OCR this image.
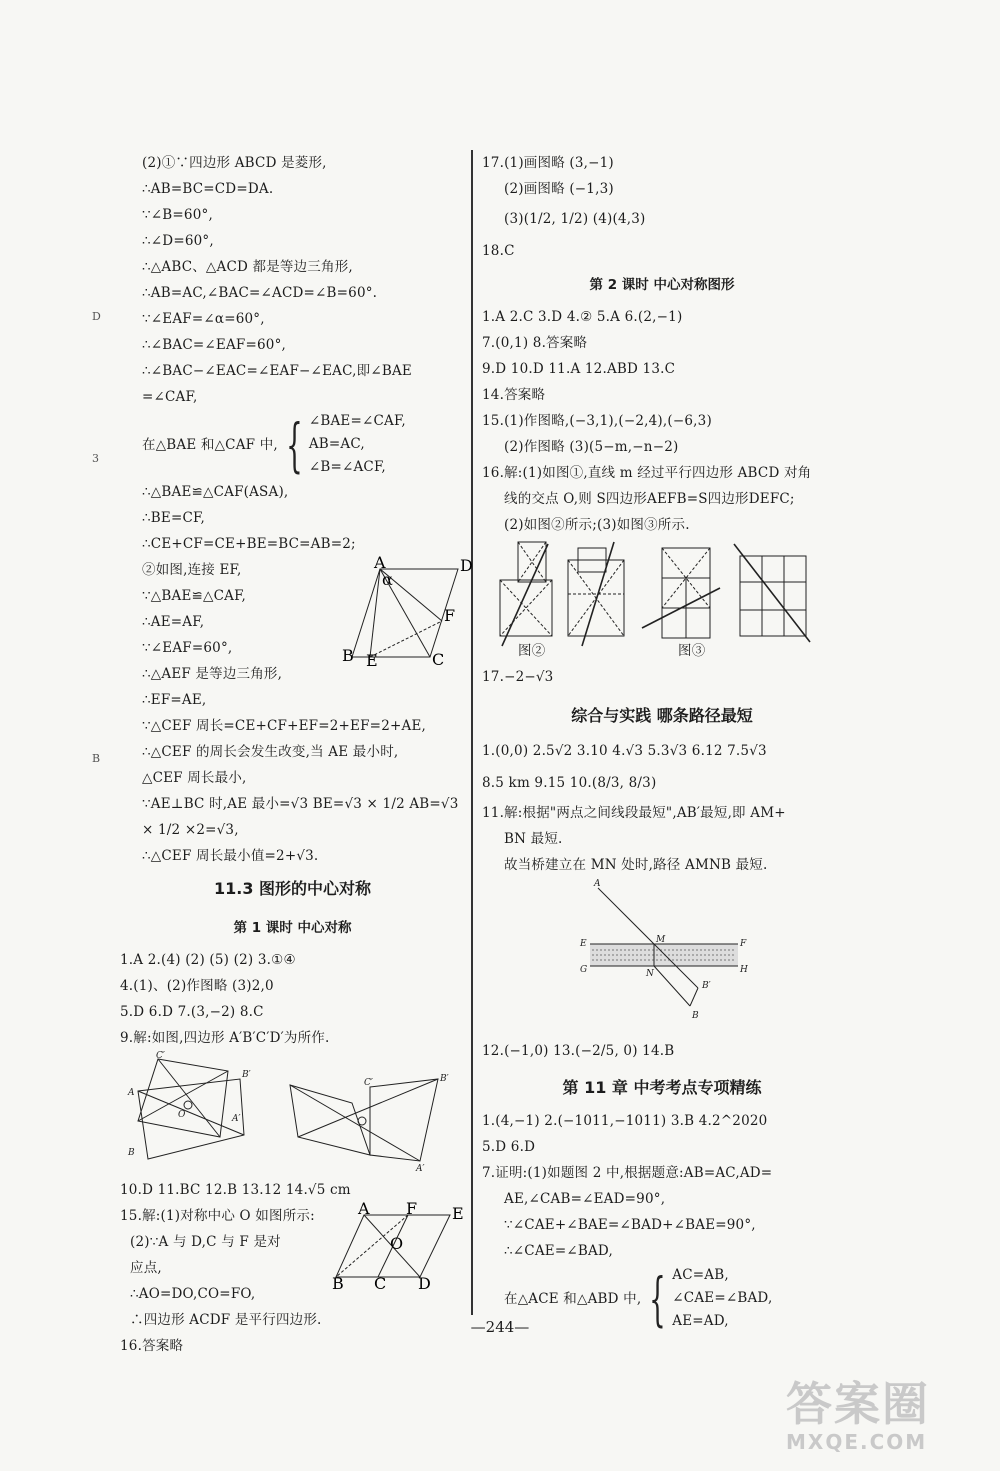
D
3
B
(2)①∵四边形 ABCD 是菱形,
∴AB=BC=CD=DA.
∵∠B=60°,
∴∠D=60°,
∴△ABC、△ACD 都是等边三角形,
∴AB=AC,∠BAC=∠ACD=∠B=60°.
∵∠EAF=∠α=60°,
∴∠BAC=∠EAF=60°,
∴∠BAC−∠EAC=∠EAF−∠EAC,即∠BAE
=∠CAF,
在△BAE 和△CAF 中, { ∠BAE=∠CAF,
AB=AC,
∠B=∠ACF,
∴△BAE≌△CAF(ASA),
∴BE=CF,
∴CE+CF=CE+BE=BC=AB=2;
②如图,连接 EF,
∵△BAE≌△CAF,
∴AE=AF,
∵∠EAF=60°,
∴△AEF 是等边三角形,
∴EF=AE,
∵△CEF 周长=CE+CF+EF=2+EF=2+AE,
∴△CEF 的周长会发生改变,当 AE 最小时,
△CEF 周长最小,
∵AE⊥BC 时,AE 最小=√3 BE=√3 × 1/2 AB=√3
× 1/2 ×2=√3,
∴△CEF 周长最小值=2+√3.
A	D
B	C
F
E
α
11.3 图形的中心对称
第 1 课时 中心对称
1.A 2.(4) (2) (5) (2) 3.①④
4.(1)、(2)作图略 (3)2,0
5.D 6.D 7.(3,−2) 8.C
9.解:如图,四边形 A′B′C′D′为所作.
C′
B′
A
A′
B
O
B′
A′
C′
10.D 11.BC 12.B 13.12 14.√5 cm
15.解:(1)对称中心 O 如图所示:
(2)∵A 与 D,C 与 F 是对
应点,
∴AO=DO,CO=FO,
∴四边形 ACDF 是平行四边形.
A F E
B C D
O
16.答案略
17.(1)画图略 (3,−1)
(2)画图略 (−1,3)
(3)(1/2, 1/2) (4)(4,3)
18.C
第 2 课时 中心对称图形
1.A 2.C 3.D 4.② 5.A 6.(2,−1)
7.(0,1) 8.答案略
9.D 10.D 11.A 12.ABD 13.C
14.答案略
15.(1)作图略,(−3,1),(−2,4),(−6,3)
(2)作图略 (3)(5−m,−n−2)
16.解:(1)如图①,直线 m 经过平行四边形 ABCD 对角
线的交点 O,则 S四边形AEFB=S四边形DEFC;
(2)如图②所示;(3)如图③所示.
图②	图③
17.−2−√3
综合与实践 哪条路径最短
1.(0,0) 2.5√2 3.10 4.√3 5.3√3 6.12 7.5√3
8.5 km 9.15 10.(8/3, 8/3)
11.解:根据"两点之间线段最短",AB′最短,即 AM+
BN 最短.
故当桥建立在 MN 处时,路径 AMNB 最短.
A
E	F
G	H
M
N
B′
B
12.(−1,0) 13.(−2/5, 0) 14.B
第 11 章 中考考点专项精练
1.(4,−1) 2.(−1011,−1011) 3.B 4.2^2020
5.D 6.D
7.证明:(1)如题图 2 中,根据题意:AB=AC,AD=
AE,∠CAB=∠EAD=90°,
∵∠CAE+∠BAE=∠BAD+∠BAE=90°,
∴∠CAE=∠BAD,
在△ACE 和△ABD 中, { AC=AB,
∠CAE=∠BAD,
AE=AD,
—244—
答案圈
MXQE.COM
